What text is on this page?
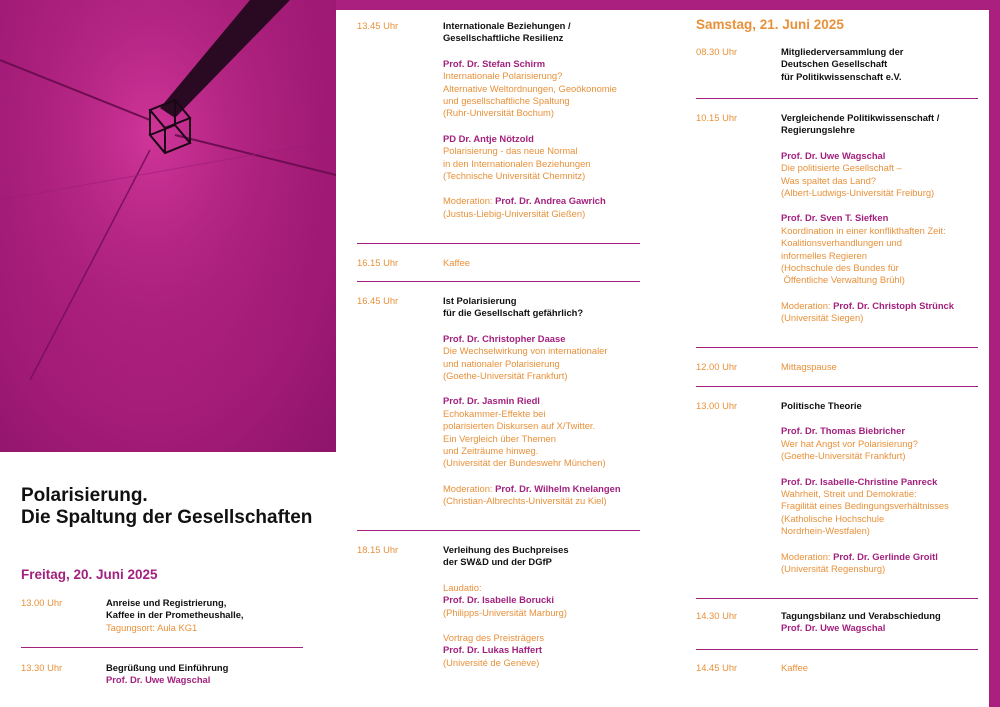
Polarisierung.
Die Spaltung der Gesellschaften
Freitag, 20. Juni 2025
13.00 Uhr	Anreise und Registrierung,
Kaffee in der Prometheushalle,
Tagungsort: Aula KG1
13.30 Uhr	Begrüßung und Einführung
Prof. Dr. Uwe Wagschal
13.45 Uhr	Internationale Beziehungen /
Gesellschaftliche Resilienz
Prof. Dr. Stefan Schirm
Internationale Polarisierung?
Alternative Weltordnungen, Geoökonomie
und gesellschaftliche Spaltung
(Ruhr-Universität Bochum)
PD Dr. Antje Nötzold
Polarisierung - das neue Normal
in den Internationalen Beziehungen
(Technische Universität Chemnitz)
Moderation: Prof. Dr. Andrea Gawrich
(Justus-Liebig-Universität Gießen)
16.15 Uhr	Kaffee
16.45 Uhr	Ist Polarisierung
für die Gesellschaft gefährlich?
Prof. Dr. Christopher Daase
Die Wechselwirkung von internationaler
und nationaler Polarisierung
(Goethe-Universität Frankfurt)
Prof. Dr. Jasmin Riedl
Echokammer-Effekte bei
polarisierten Diskursen auf X/Twitter.
Ein Vergleich über Themen
und Zeiträume hinweg.
(Universität der Bundeswehr München)
Moderation: Prof. Dr. Wilhelm Knelangen
(Christian-Albrechts-Universität zu Kiel)
18.15 Uhr	Verleihung des Buchpreises
der SW&D und der DGfP
Laudatio:
Prof. Dr. Isabelle Borucki
(Philipps-Universität Marburg)
Vortrag des Preisträgers
Prof. Dr. Lukas Haffert
(Université de Genève)
Samstag, 21. Juni 2025
08.30 Uhr	Mitgliederversammlung der
Deutschen Gesellschaft
für Politikwissenschaft e.V.
10.15 Uhr	Vergleichende Politikwissenschaft /
Regierungslehre
Prof. Dr. Uwe Wagschal
Die politisierte Gesellschaft –
Was spaltet das Land?
(Albert-Ludwigs-Universität Freiburg)
Prof. Dr. Sven T. Siefken
Koordination in einer konflikthaften Zeit:
Koalitionsverhandlungen und
informelles Regieren
(Hochschule des Bundes für
Öffentliche Verwaltung Brühl)
Moderation: Prof. Dr. Christoph Strünck
(Universität Siegen)
12.00 Uhr	Mittagspause
13.00 Uhr	Politische Theorie
Prof. Dr. Thomas Biebricher
Wer hat Angst vor Polarisierung?
(Goethe-Universität Frankfurt)
Prof. Dr. Isabelle-Christine Panreck
Wahrheit, Streit und Demokratie:
Fragilität eines Bedingungsverhältnisses
(Katholische Hochschule
Nordrhein-Westfalen)
Moderation: Prof. Dr. Gerlinde Groitl
(Universität Regensburg)
14.30 Uhr	Tagungsbilanz und Verabschiedung
Prof. Dr. Uwe Wagschal
14.45 Uhr	Kaffee
